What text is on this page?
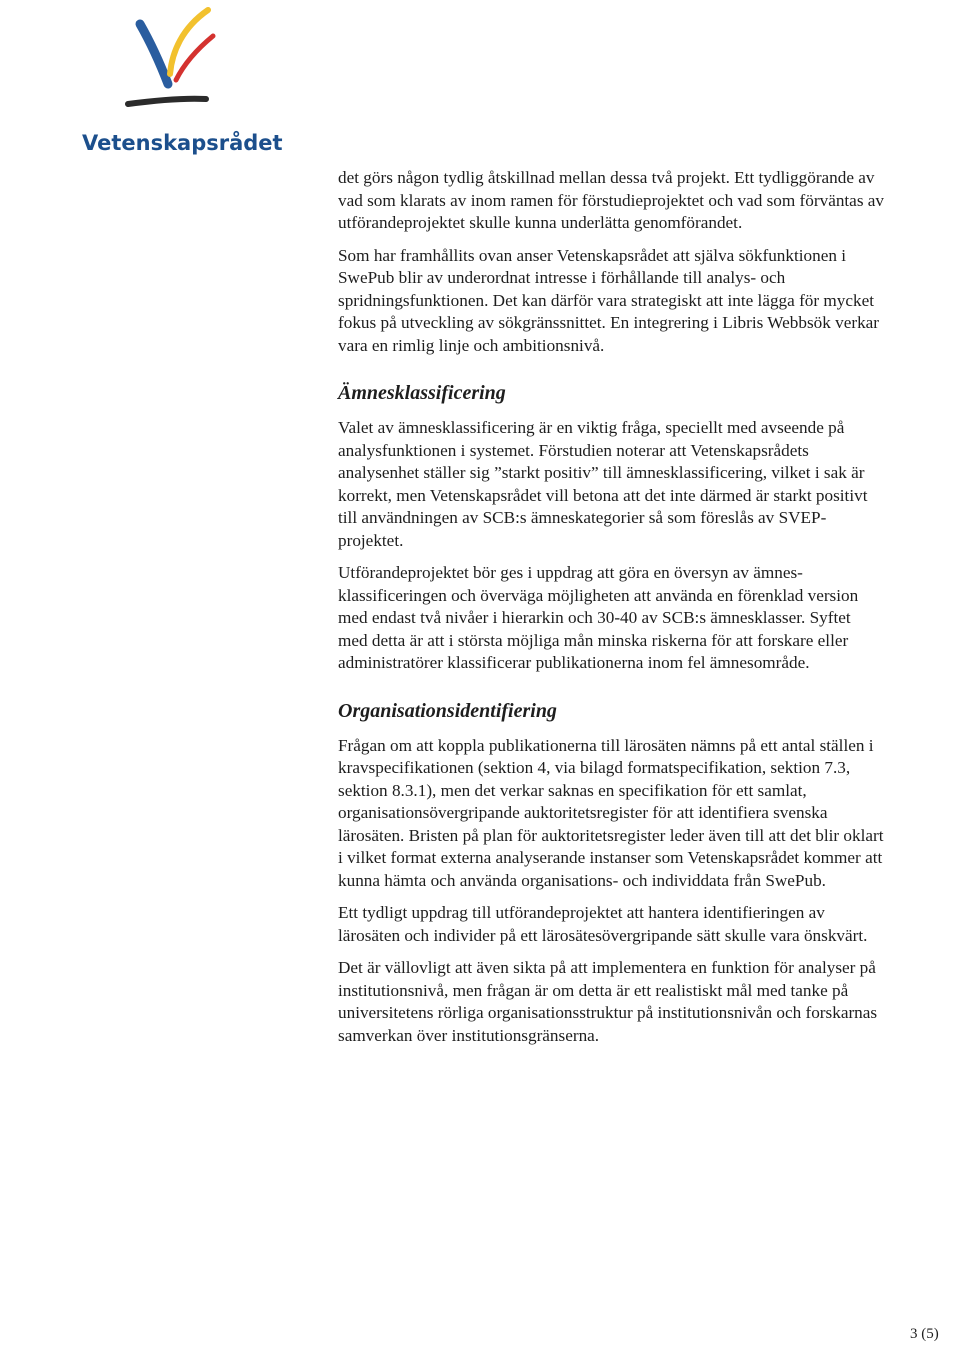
Vetenskapsrådet

det görs någon tydlig åtskillnad mellan dessa två projekt. Ett tydliggörande av
vad som klarats av inom ramen för förstudieprojektet och vad som förväntas av
utförandeprojektet skulle kunna underlätta genomförandet.

Som har framhållits ovan anser Vetenskapsrådet att själva sökfunktionen i
SwePub blir av underordnat intresse i förhållande till analys- och
spridningsfunktionen. Det kan därför vara strategiskt att inte lägga för mycket
fokus på utveckling av sökgränssnittet. En integrering i Libris Webbsök verkar
vara en rimlig linje och ambitionsnivå.

Ämnesklassificering

Valet av ämnesklassificering är en viktig fråga, speciellt med avseende på
analysfunktionen i systemet. Förstudien noterar att Vetenskapsrådets
analysenhet ställer sig ”starkt positiv” till ämnesklassificering, vilket i sak är
korrekt, men Vetenskapsrådet vill betona att det inte därmed är starkt positivt
till användningen av SCB:s ämneskategorier så som föreslås av SVEP-
projektet.

Utförandeprojektet bör ges i uppdrag att göra en översyn av ämnes-
klassificeringen och överväga möjligheten att använda en förenklad version
med endast två nivåer i hierarkin och 30-40 av SCB:s ämnesklasser. Syftet
med detta är att i största möjliga mån minska riskerna för att forskare eller
administratörer klassificerar publikationerna inom fel ämnesområde.

Organisationsidentifiering

Frågan om att koppla publikationerna till lärosäten nämns på ett antal ställen i
kravspecifikationen (sektion 4, via bilagd formatspecifikation, sektion 7.3,
sektion 8.3.1), men det verkar saknas en specifikation för ett samlat,
organisationsövergripande auktoritetsregister för att identifiera svenska
lärosäten. Bristen på plan för auktoritetsregister leder även till att det blir oklart
i vilket format externa analyserande instanser som Vetenskapsrådet kommer att
kunna hämta och använda organisations- och individdata från SwePub.

Ett tydligt uppdrag till utförandeprojektet att hantera identifieringen av
lärosäten och individer på ett lärosätesövergripande sätt skulle vara önskvärt.

Det är vällovligt att även sikta på att implementera en funktion för analyser på
institutionsnivå, men frågan är om detta är ett realistiskt mål med tanke på
universitetens rörliga organisationsstruktur på institutionsnivån och forskarnas
samverkan över institutionsgränserna.

3 (5)
